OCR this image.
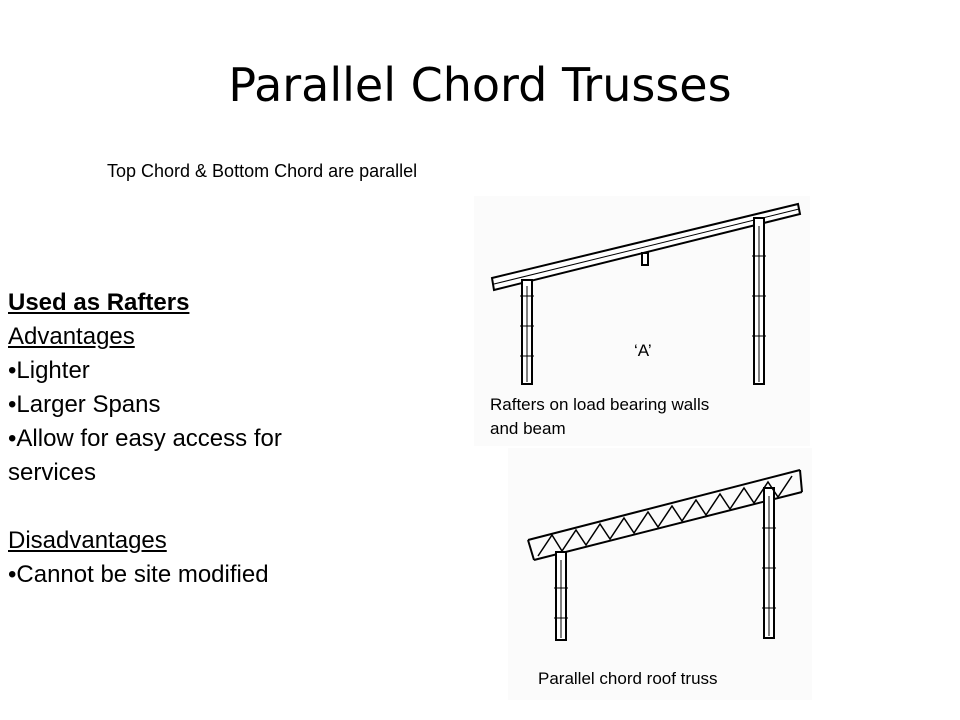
Parallel Chord Trusses
Top Chord & Bottom Chord are parallel
Used as Rafters
Advantages
•Lighter
•Larger Spans
•Allow for easy access for
services
Disadvantages
•Cannot be site modified
‘A’
Rafters on load bearing walls
and beam
Parallel chord roof truss
